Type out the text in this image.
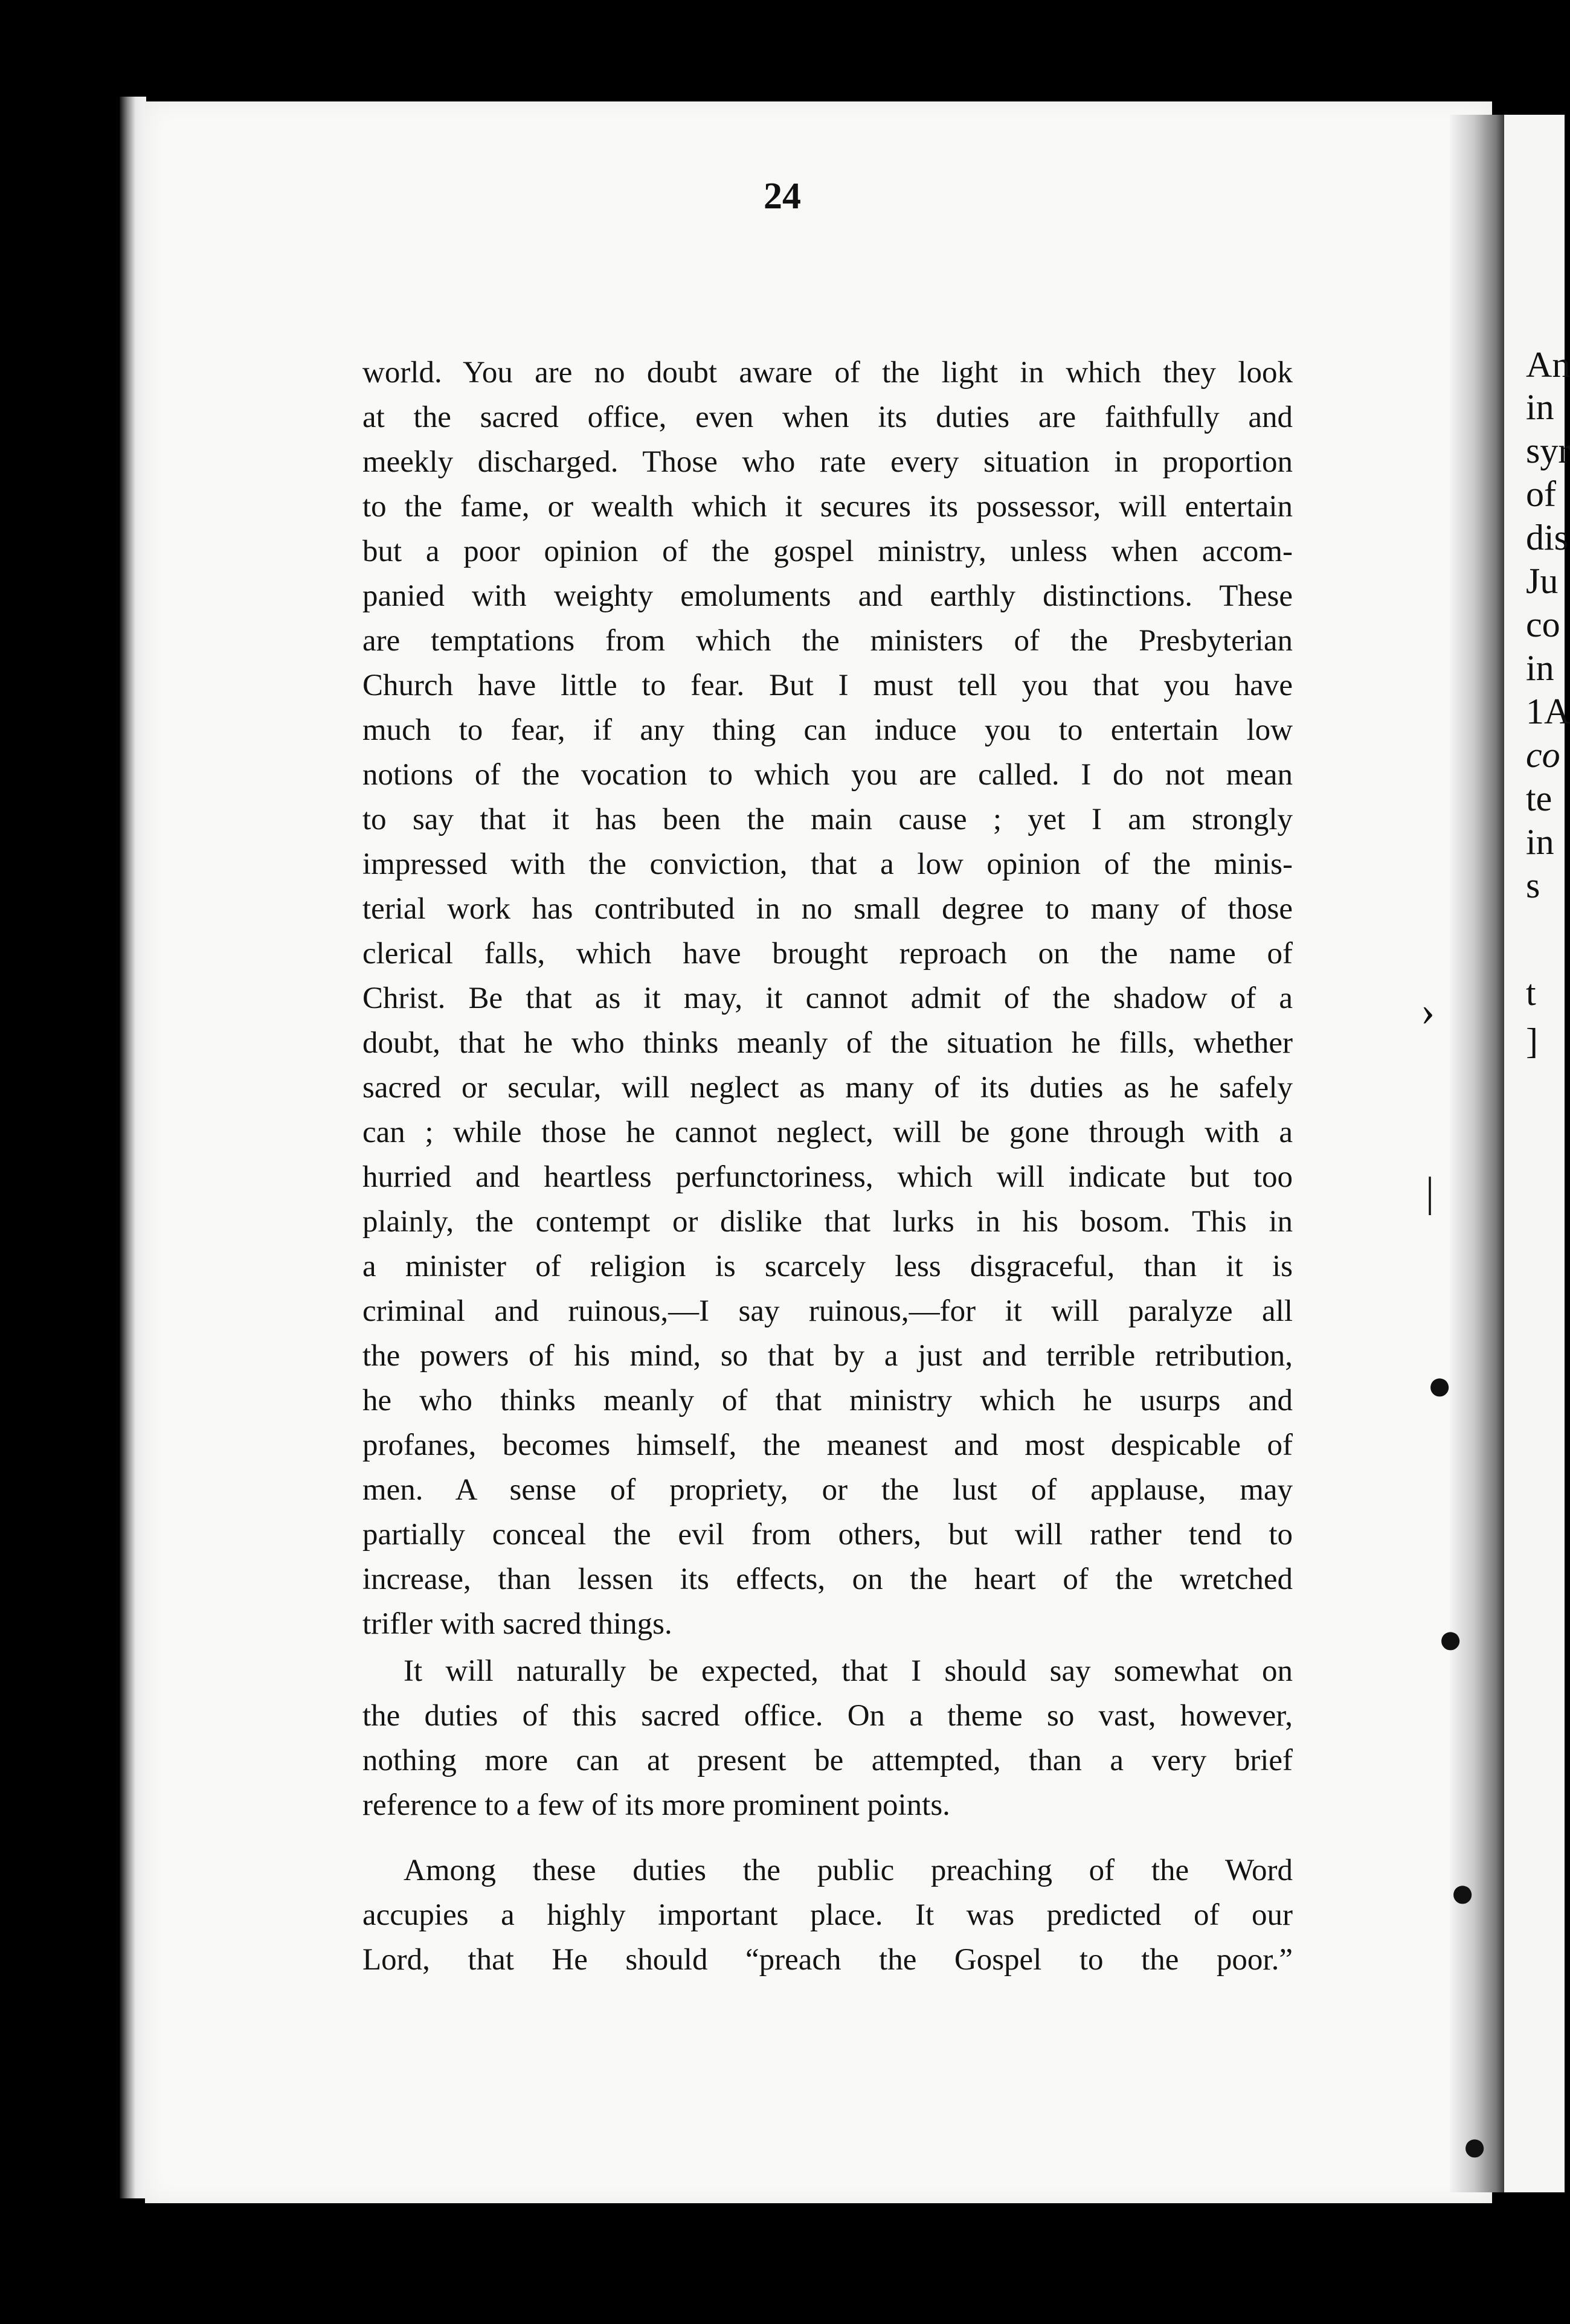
An
in
syr
of
dis
Ju
co
in
1A
co
te
in
s
t
]
›
|
●
●
●
●
24
world. You are no doubt aware of the light in which they look
at the sacred office, even when its duties are faithfully and
meekly discharged. Those who rate every situation in proportion
to the fame, or wealth which it secures its possessor, will entertain
but a poor opinion of the gospel ministry, unless when accom-
panied with weighty emoluments and earthly distinctions. These
are temptations from which the ministers of the Presbyterian
Church have little to fear. But I must tell you that you have
much to fear, if any thing can induce you to entertain low
notions of the vocation to which you are called. I do not mean
to say that it has been the main cause ; yet I am strongly
impressed with the conviction, that a low opinion of the minis-
terial work has contributed in no small degree to many of those
clerical falls, which have brought reproach on the name of
Christ. Be that as it may, it cannot admit of the shadow of a
doubt, that he who thinks meanly of the situation he fills, whether
sacred or secular, will neglect as many of its duties as he safely
can ; while those he cannot neglect, will be gone through with a
hurried and heartless perfunctoriness, which will indicate but too
plainly, the contempt or dislike that lurks in his bosom. This in
a minister of religion is scarcely less disgraceful, than it is
criminal and ruinous,—I say ruinous,—for it will paralyze all
the powers of his mind, so that by a just and terrible retribution,
he who thinks meanly of that ministry which he usurps and
profanes, becomes himself, the meanest and most despicable of
men. A sense of propriety, or the lust of applause, may
partially conceal the evil from others, but will rather tend to
increase, than lessen its effects, on the heart of the wretched
trifler with sacred things.
It will naturally be expected, that I should say somewhat on
the duties of this sacred office. On a theme so vast, however,
nothing more can at present be attempted, than a very brief
reference to a few of its more prominent points.
Among these duties the public preaching of the Word
accupies a highly important place. It was predicted of our
Lord, that He should “preach the Gospel to the poor.”
